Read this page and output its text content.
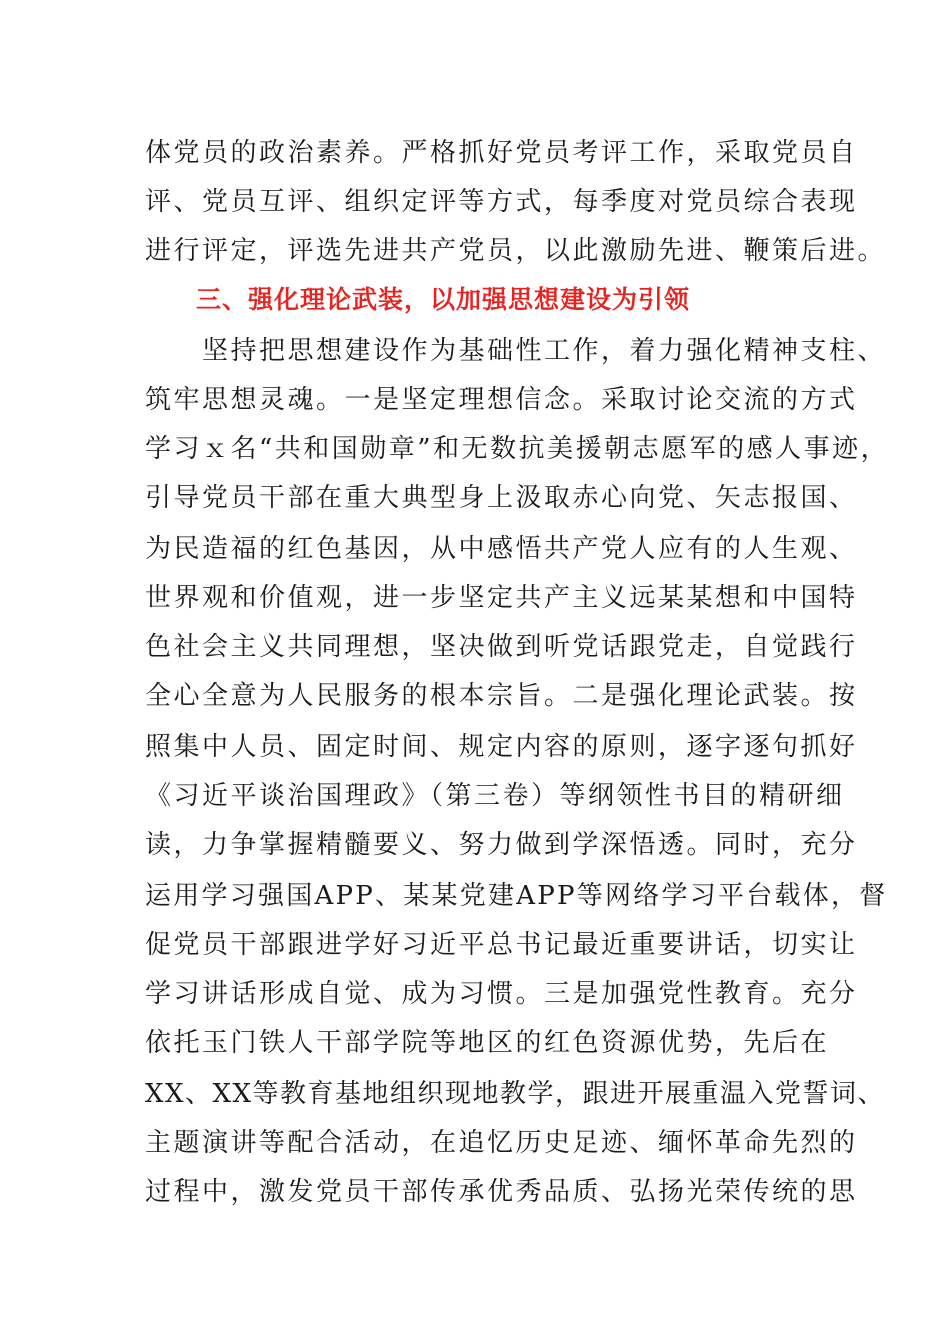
体党员的政治素养。严格抓好党员考评工作，采取党员自
评、党员互评、组织定评等方式，每季度对党员综合表现
进行评定，评选先进共产党员，以此激励先进、鞭策后进。
三、强化理论武装，以加强思想建设为引领
　　坚持把思想建设作为基础性工作，着力强化精神支柱、
筑牢思想灵魂。一是坚定理想信念。采取讨论交流的方式
学习ｘ名“共和国勋章”和无数抗美援朝志愿军的感人事迹，
引导党员干部在重大典型身上汲取赤心向党、矢志报国、
为民造福的红色基因，从中感悟共产党人应有的人生观、
世界观和价值观，进一步坚定共产主义远某某想和中国特
色社会主义共同理想，坚决做到听党话跟党走，自觉践行
全心全意为人民服务的根本宗旨。二是强化理论武装。按
照集中人员、固定时间、规定内容的原则，逐字逐句抓好
《习近平谈治国理政》（第三卷）等纲领性书目的精研细
读，力争掌握精髓要义、努力做到学深悟透。同时，充分
运用学习强国APP、某某党建APP等网络学习平台载体，督
促党员干部跟进学好习近平总书记最近重要讲话，切实让
学习讲话形成自觉、成为习惯。三是加强党性教育。充分
依托玉门铁人干部学院等地区的红色资源优势，先后在
XX、XX等教育基地组织现地教学，跟进开展重温入党誓词、
主题演讲等配合活动，在追忆历史足迹、缅怀革命先烈的
过程中，激发党员干部传承优秀品质、弘扬光荣传统的思
